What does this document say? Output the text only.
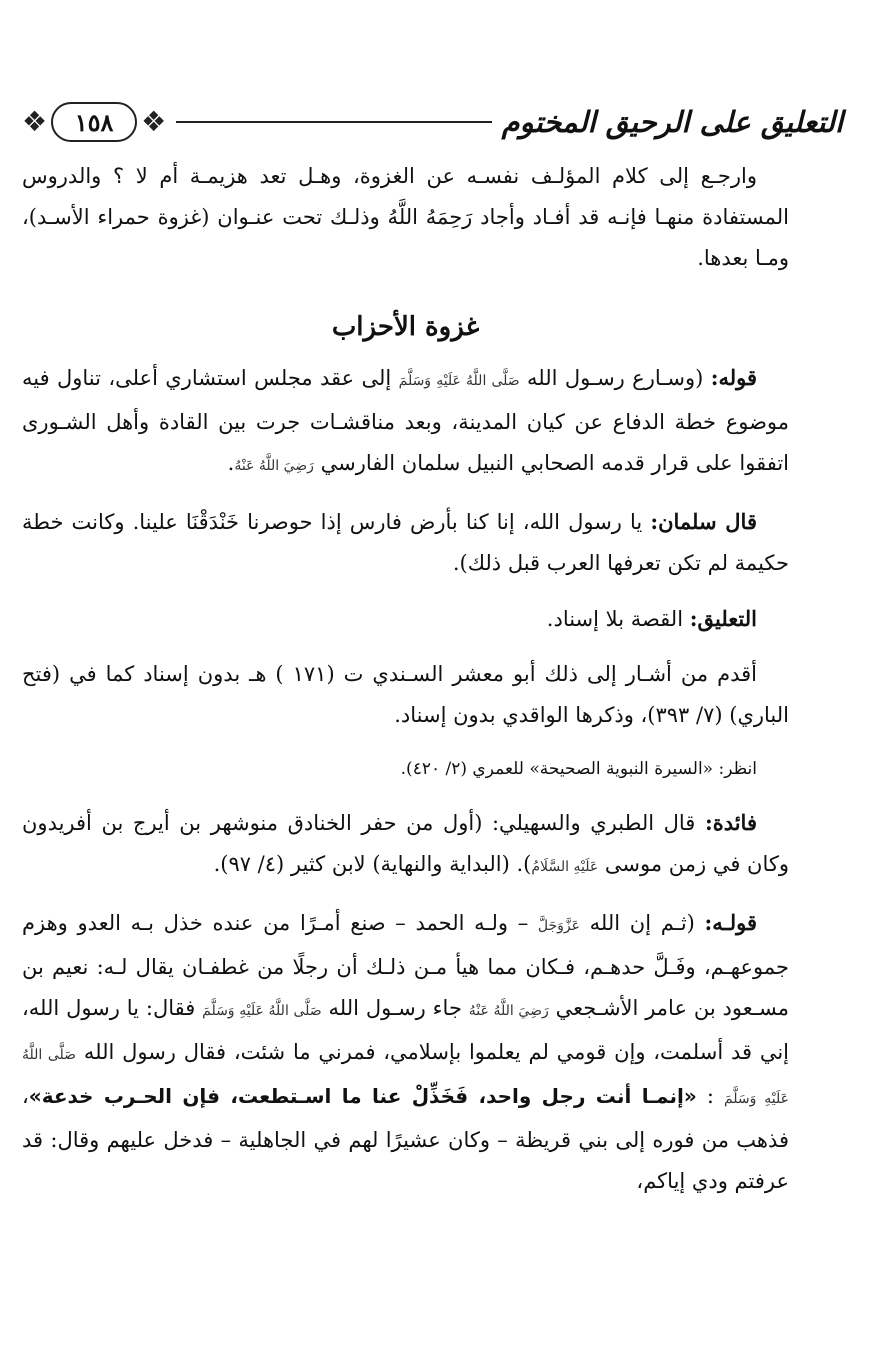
❖	١٥٨ ❖	التعليق على الرحيق المختوم

وارجـع إلى كلام المؤلـف نفسـه عن الغزوة، وهـل تعد هزيمـة أم لا ؟ والدروس المستفادة منهـا فإنـه قد أفـاد وأجاد رَحِمَهُ اللَّهُ وذلـك تحت عنـوان (غزوة حمراء الأسـد)، ومـا بعدها.

غزوة الأحزاب

قوله: (وسـارع رسـول الله صَلَّى اللَّهُ عَلَيْهِ وَسَلَّمَ إلى عقد مجلس استشاري أعلى، تناول فيه موضوع خطة الدفاع عن كيان المدينة، وبعد مناقشـات جرت بين القادة وأهل الشـورى اتفقوا على قرار قدمه الصحابي النبيل سلمان الفارسي رَضِيَ اللَّهُ عَنْهُ.

قال سلمان: يا رسول الله، إنا كنا بأرض فارس إذا حوصرنا خَنْدَقْنَا علينا. وكانت خطة حكيمة لم تكن تعرفها العرب قبل ذلك).

التعليق: القصة بلا إسناد.

أقدم من أشـار إلى ذلك أبو معشر السـندي ت (١٧١ ) هـ بدون إسناد كما في (فتح الباري) (٧/ ٣٩٣)، وذكرها الواقدي بدون إسناد.

انظر: «السيرة النبوية الصحيحة» للعمري (٢/ ٤٢٠).

فائدة: قال الطبري والسهيلي: (أول من حفر الخنادق منوشهر بن أيرج بن أفريدون وكان في زمن موسى عَلَيْهِ السَّلَامُ). (البداية والنهاية) لابن كثير (٤/ ٩٧).

قولـه: (ثـم إن الله عَزَّوَجَلَّ – ولـه الحمد – صنع أمـرًا من عنده خذل بـه العدو وهزم جموعهـم، وفَـلَّ حدهـم، فـكان مما هيأ مـن ذلـك أن رجلًا من غطفـان يقال لـه: نعيم بن مسـعود بن عامر الأشـجعي رَضِيَ اللَّهُ عَنْهُ جاء رسـول الله صَلَّى اللَّهُ عَلَيْهِ وَسَلَّمَ فقال: يا رسول الله، إني قد أسلمت، وإن قومي لم يعلموا بإسلامي، فمرني ما شئت، فقال رسول الله صَلَّى اللَّهُ عَلَيْهِ وَسَلَّمَ : «إنمـا أنت رجل واحد، فَخَذِّلْ عنا ما اسـتطعت، فإن الحـرب خدعة»، فذهب من فوره إلى بني قريظة – وكان عشيرًا لهم في الجاهلية – فدخل عليهم وقال: قد عرفتم ودي إياكم،
